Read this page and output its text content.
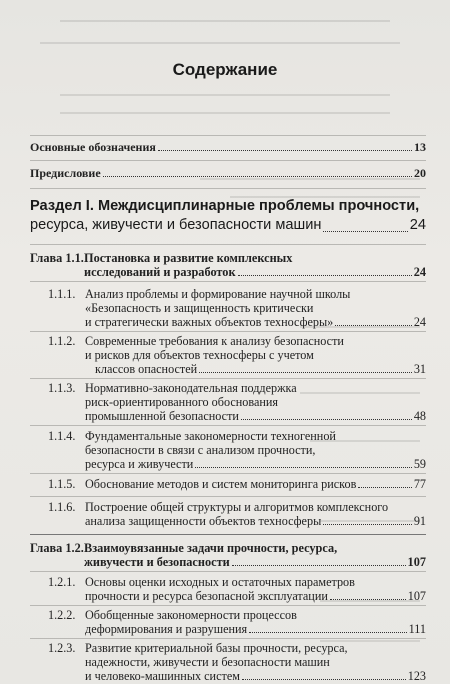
Содержание
Основные обозначения	13
Предисловие	20
Раздел I. Междисциплинарные проблемы прочности,
ресурса, живучести и безопасности машин	24
Глава 1.1. Постановка и развитие комплексных
исследований и разработок	24
1.1.1. Анализ проблемы и формирование научной школы
«Безопасность и защищенность критически
и стратегически важных объектов техносферы»	24
1.1.2. Современные требования к анализу безопасности
и рисков для объектов техносферы с учетом
классов опасностей	31
1.1.3. Нормативно-законодательная поддержка
риск-ориентированного обоснования
промышленной безопасности	48
1.1.4. Фундаментальные закономерности техногенной
безопасности в связи с анализом прочности,
ресурса и живучести	59
1.1.5. Обоснование методов и систем мониторинга рисков	77
1.1.6. Построение общей структуры и алгоритмов комплексного
анализа защищенности объектов техносферы	91
Глава 1.2. Взаимоувязанные задачи прочности, ресурса,
живучести и безопасности	107
1.2.1. Основы оценки исходных и остаточных параметров
прочности и ресурса безопасной эксплуатации	107
1.2.2. Обобщенные закономерности процессов
деформирования и разрушения	111
1.2.3. Развитие критериальной базы прочности, ресурса,
надежности, живучести и безопасности машин
и человеко-машинных систем	123
